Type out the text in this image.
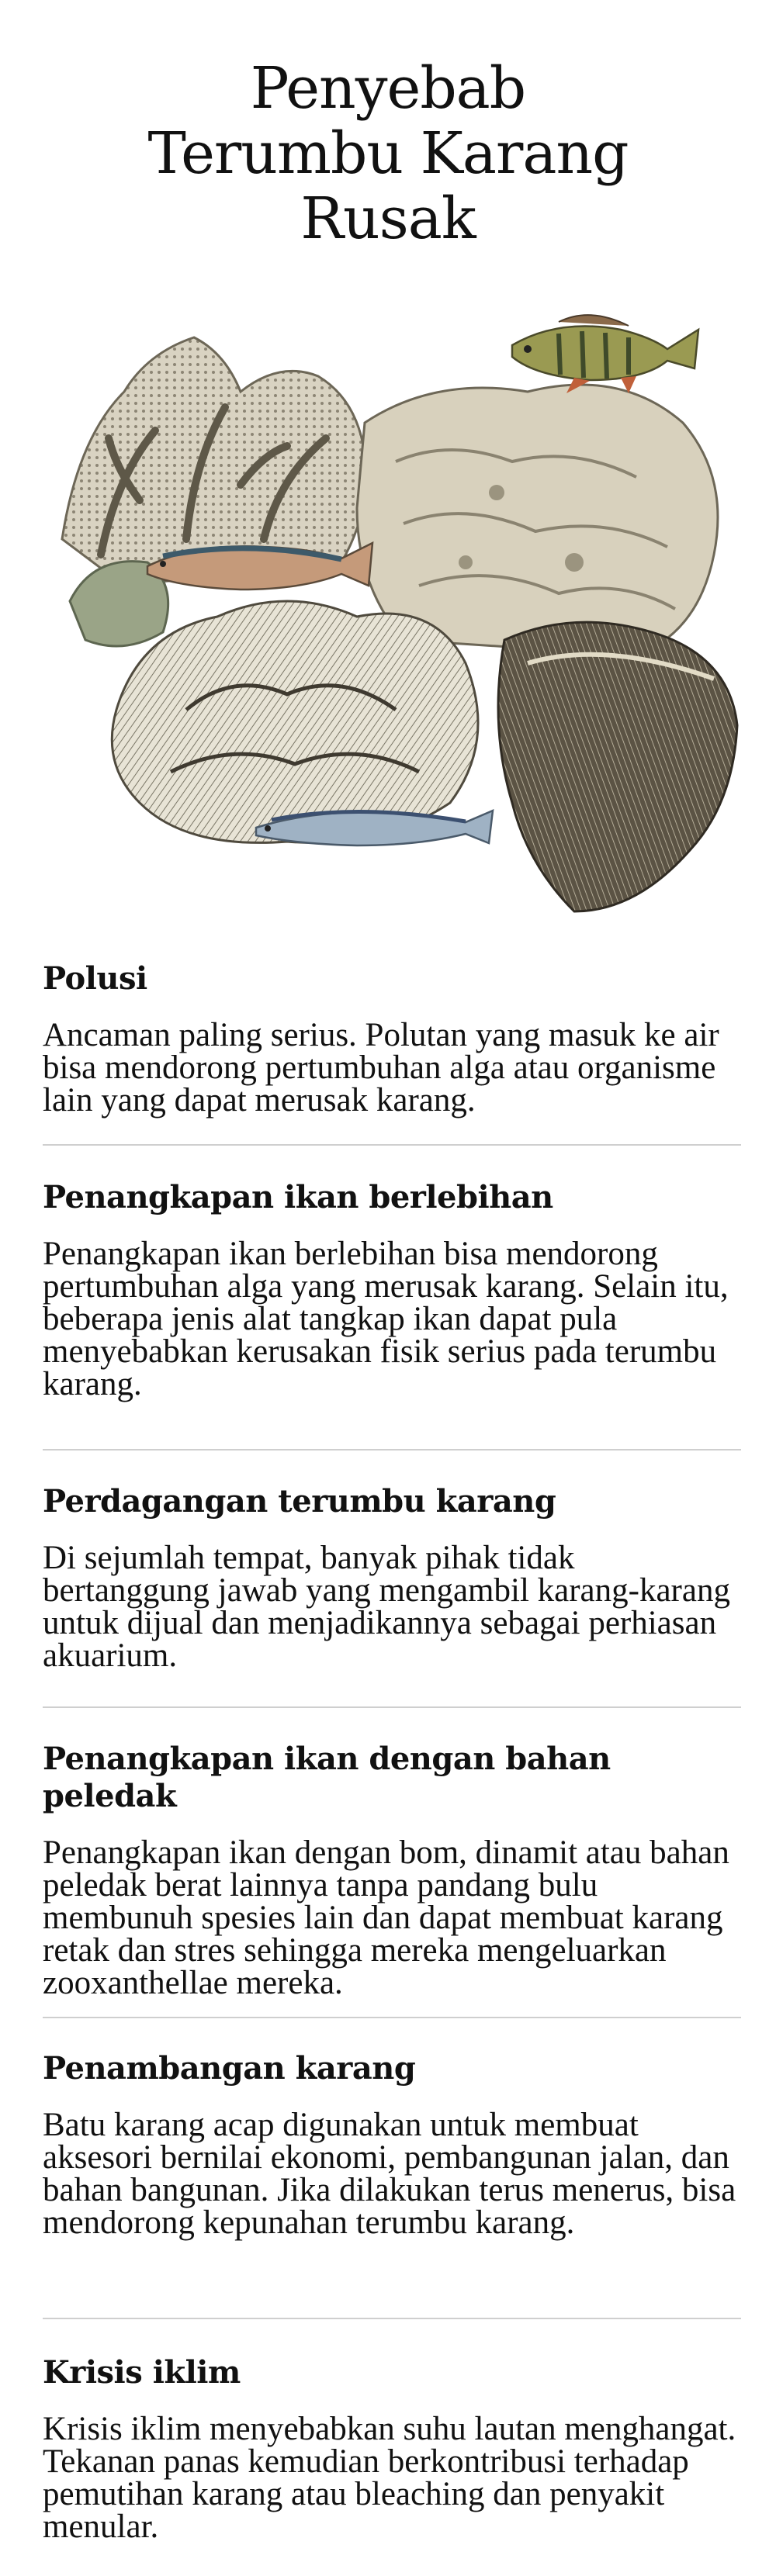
Penyebab
Terumbu Karang
Rusak
Polusi

Ancaman paling serius. Polutan yang masuk ke air bisa mendorong pertumbuhan alga atau organisme lain yang dapat merusak karang.

Penangkapan ikan berlebihan

Penangkapan ikan berlebihan bisa mendorong pertumbuhan alga yang merusak karang. Selain itu, beberapa jenis alat tangkap ikan dapat pula menyebabkan kerusakan fisik serius pada terumbu karang.

Perdagangan terumbu karang

Di sejumlah tempat, banyak pihak tidak bertanggung jawab yang mengambil karang-karang untuk dijual dan menjadikannya sebagai perhiasan akuarium.

Penangkapan ikan dengan bahan peledak

Penangkapan ikan dengan bom, dinamit atau bahan peledak berat lainnya tanpa pandang bulu membunuh spesies lain dan dapat membuat karang retak dan stres sehingga mereka mengeluarkan zooxanthellae mereka.

Penambangan karang

Batu karang acap digunakan untuk membuat aksesori bernilai ekonomi, pembangunan jalan, dan bahan bangunan. Jika dilakukan terus menerus, bisa mendorong kepunahan terumbu karang.

Krisis iklim

Krisis iklim menyebabkan suhu lautan menghangat. Tekanan panas kemudian berkontribusi terhadap pemutihan karang atau bleaching dan penyakit menular.
